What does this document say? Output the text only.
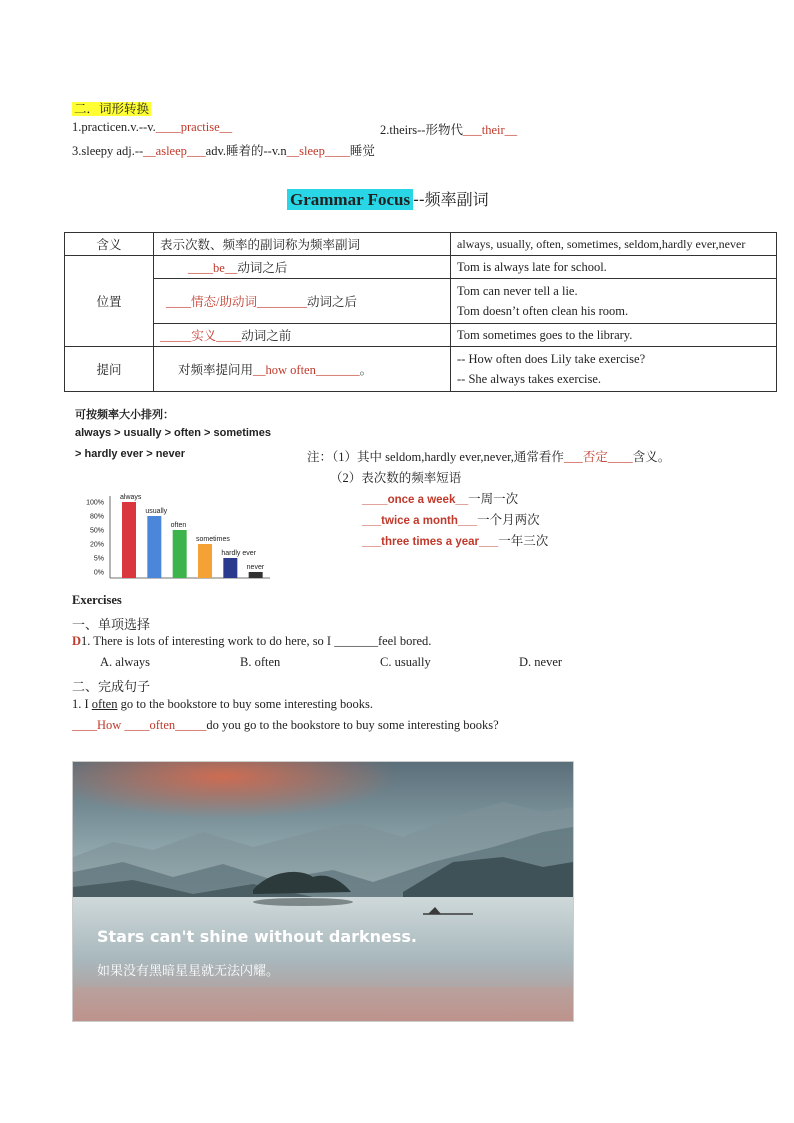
二．词形转换
1.practicen.v.--v.____practise__	2.theirs--形物代___their__
3.sleepy adj.--__asleep___adv.睡着的--v.n__sleep____睡觉
Grammar Focus --频率副词
含义	表示次数、频率的副词称为频率副词	always, usually, often, sometimes, seldom,hardly ever,never
位置	____be__动词之后	Tom is always late for school.
	____情态/助动词________动词之后	Tom can never tell a lie.
Tom doesn’t often clean his room.

	_____实义____动词之前	Tom sometimes goes to the library.
提问	对频率提问用__how often_______。	-- How often does Lily take exercise?
-- She always takes exercise.
可按频率大小排列：
always > usually > often > sometimes
> hardly ever > never
100%
80%
50%
20%
5%
0%
always
usually
often
sometimes
hardly ever
never
注：（1）其中 seldom,hardly ever,never,通常看作___否定____含义。
（2）表次数的频率短语
____once a week__一周一次
___twice a month___一个月两次
___three times a year___一年三次
Exercises
一、单项选择
D1. There is lots of interesting work to do here, so I _______feel bored.
A. always	B. often	C. usually	D. never
二、完成句子
1. I often go to the bookstore to buy some interesting books.
____How ____often_____do you go to the bookstore to buy some interesting books?
Stars can't shine without darkness.
如果没有黑暗星星就无法闪耀。
